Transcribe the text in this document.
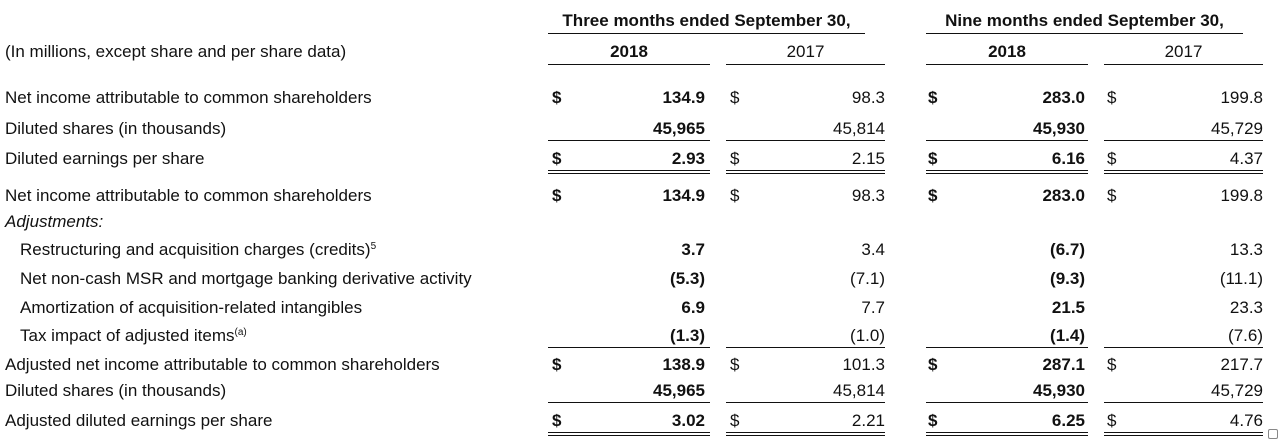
Three months ended September 30,	Nine months ended September 30,
(In millions, except share and per share data)	2018	2017	2018	2017
Net income attributable to common shareholders	$	134.9 $	98.3	$	283.0 $	199.8
Diluted shares (in thousands)	45,965	45,814	45,930	45,729
Diluted earnings per share	$	2.93 $	2.15	$	6.16 $	4.37
Net income attributable to common shareholders	$	134.9 $	98.3	$	283.0 $	199.8
Adjustments:
Restructuring and acquisition charges (credits)$^5$	3.7	3.4	(6.7)	13.3
Net non-cash MSR and mortgage banking derivative activity	(5.3)	(7.1)	(9.3)	(11.1)
Amortization of acquisition-related intangibles	6.9	7.7	21.5	23.3
Tax impact of adjusted items$^{(a)}$	(1.3)	(1.0)	(1.4)	(7.6)
Adjusted net income attributable to common shareholders	$	138.9 $	101.3	$	287.1 $	217.7
Diluted shares (in thousands)	45,965	45,814	45,930	45,729
Adjusted diluted earnings per share	$	3.02 $	2.21	$	6.25 $	4.76
